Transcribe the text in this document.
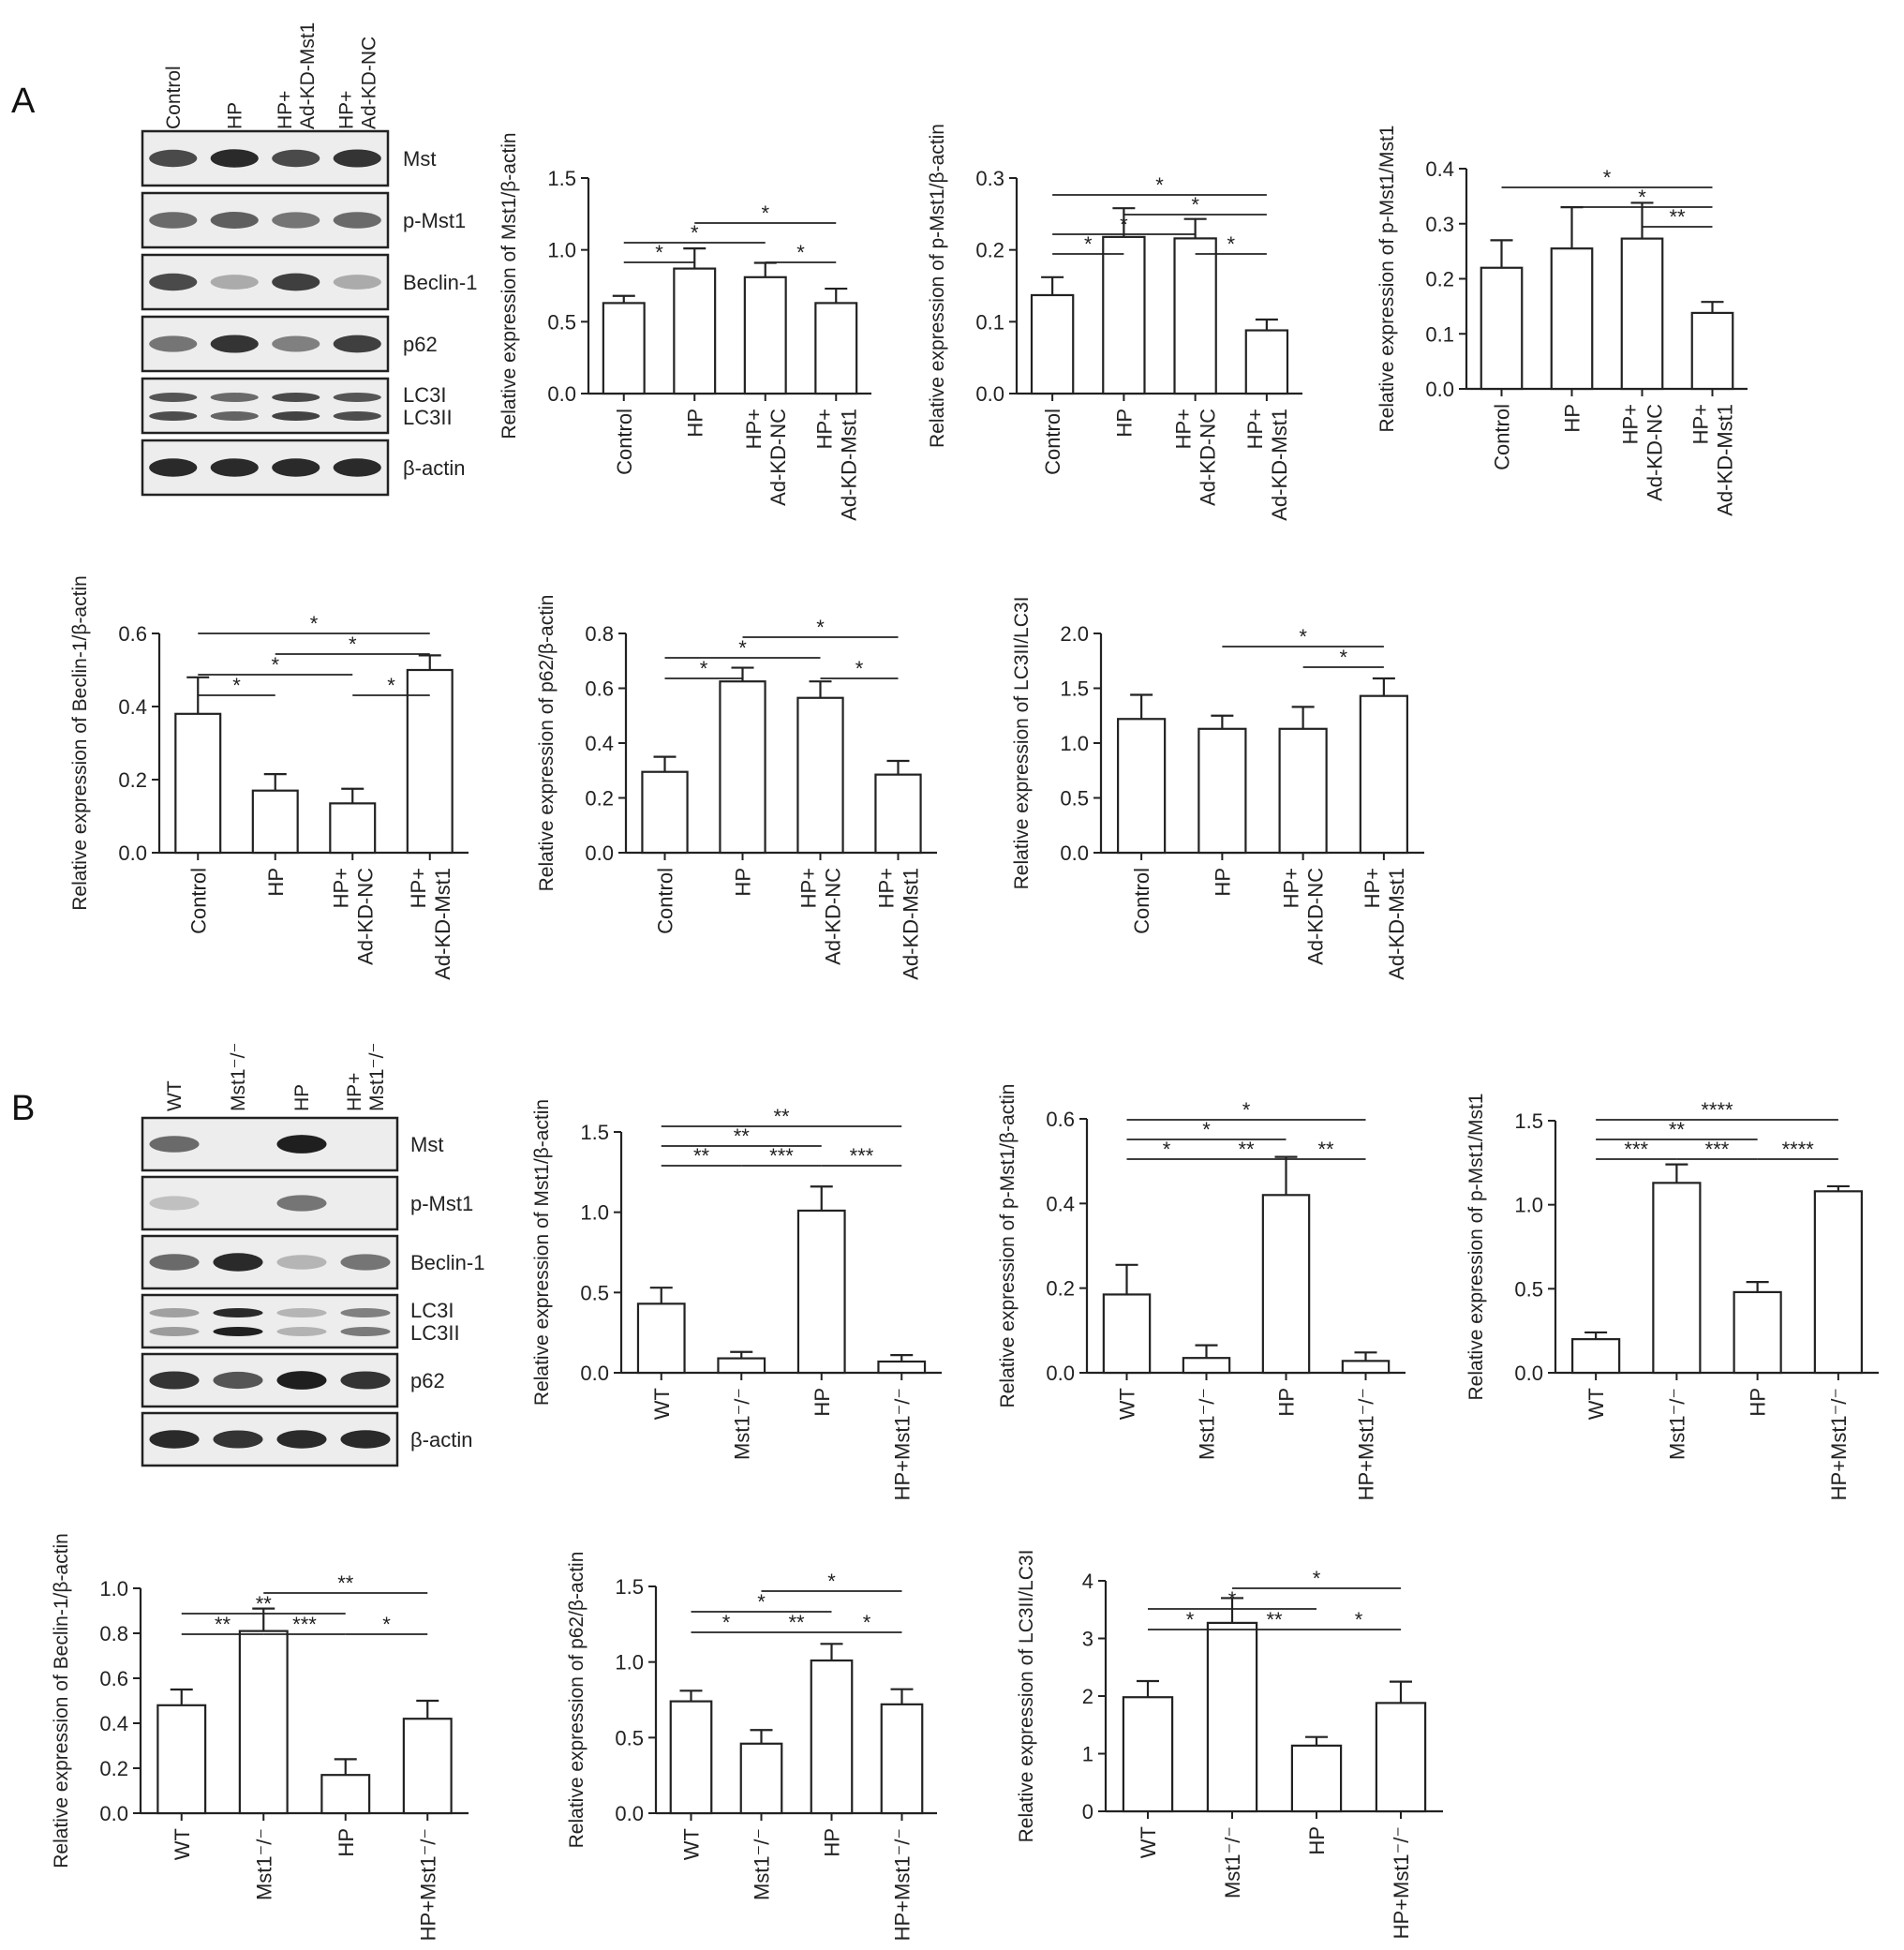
A
B
Control HP HP+ Ad-KD-Mst1 HP+ Ad-KD-NC
Mst
p-Mst1
Beclin-1
p62
LC3I
LC3II
β-actin
WT Mst1⁻/⁻ HP HP+ Mst1⁻/⁻
Mst
p-Mst1
Beclin-1
LC3I
LC3II
p62
β-actin
0.0
0.5
1.0
1.5
Relative expression of Mst1/β-actin
Control HP HP+ Ad-KD-NC HP+ Ad-KD-Mst1
*	*
*
*
0.0
0.1
0.2
0.3
Relative expression of p-Mst1/β-actin	Control HP HP+ Ad-KD-NC HP+ Ad-KD-Mst1
*	*
*
*
*
0.0
0.1
0.2
0.3
0.4
Relative expression of p-Mst1/Mst1
Control HP HP+ Ad-KD-NC HP+ Ad-KD-Mst1
**
*
*
0.0
0.2
0.4
0.6
Relative expression of Beclin-1/β-actin	Control	HP HP+ Ad-KD-NC HP+ Ad-KD-Mst1
*	*
*
*
*
0.0
0.2
0.4
0.6
0.8
Relative expression of p62/β-actin
Control	HP HP+ Ad-KD-NC HP+ Ad-KD-Mst1
*	*
*
*
0.0
0.5
1.0
1.5
2.0
Relative expression of LC3II/LC3I
Control	HP HP+ Ad-KD-NC HP+ Ad-KD-Mst1
*
*
0.0
0.5
1.0
1.5
Relative expression of Mst1/β-actin	WT	Mst1⁻/⁻	HP	HP+Mst1⁻/⁻
**	***	***
**
**
0.0
0.2
0.4
0.6
Relative expression of p-Mst1/β-actin	WT	Mst1⁻/⁻	HP	HP+Mst1⁻/⁻
*	**	**
*
*
0.0
0.5
1.0
1.5
Relative expression of p-Mst1/Mst1
WT	Mst1⁻/⁻	HP	HP+Mst1⁻/⁻
***	***	****
**
****
0.0
0.2
0.4
0.6
0.8
1.0
Relative expression of Beclin-1/β-actin	WT	Mst1⁻/⁻	HP	HP+Mst1⁻/⁻
**	***	*
**
**
0.0
0.5
1.0
1.5
Relative expression of p62/β-actin	WT Mst1⁻/⁻ HP HP+Mst1⁻/⁻
*	**	*
*
*
0
1
2
3
4
Relative expression of LC3II/LC3I	WT	Mst1⁻/⁻	HP	HP+Mst1⁻/⁻
*	**	*
*
*
